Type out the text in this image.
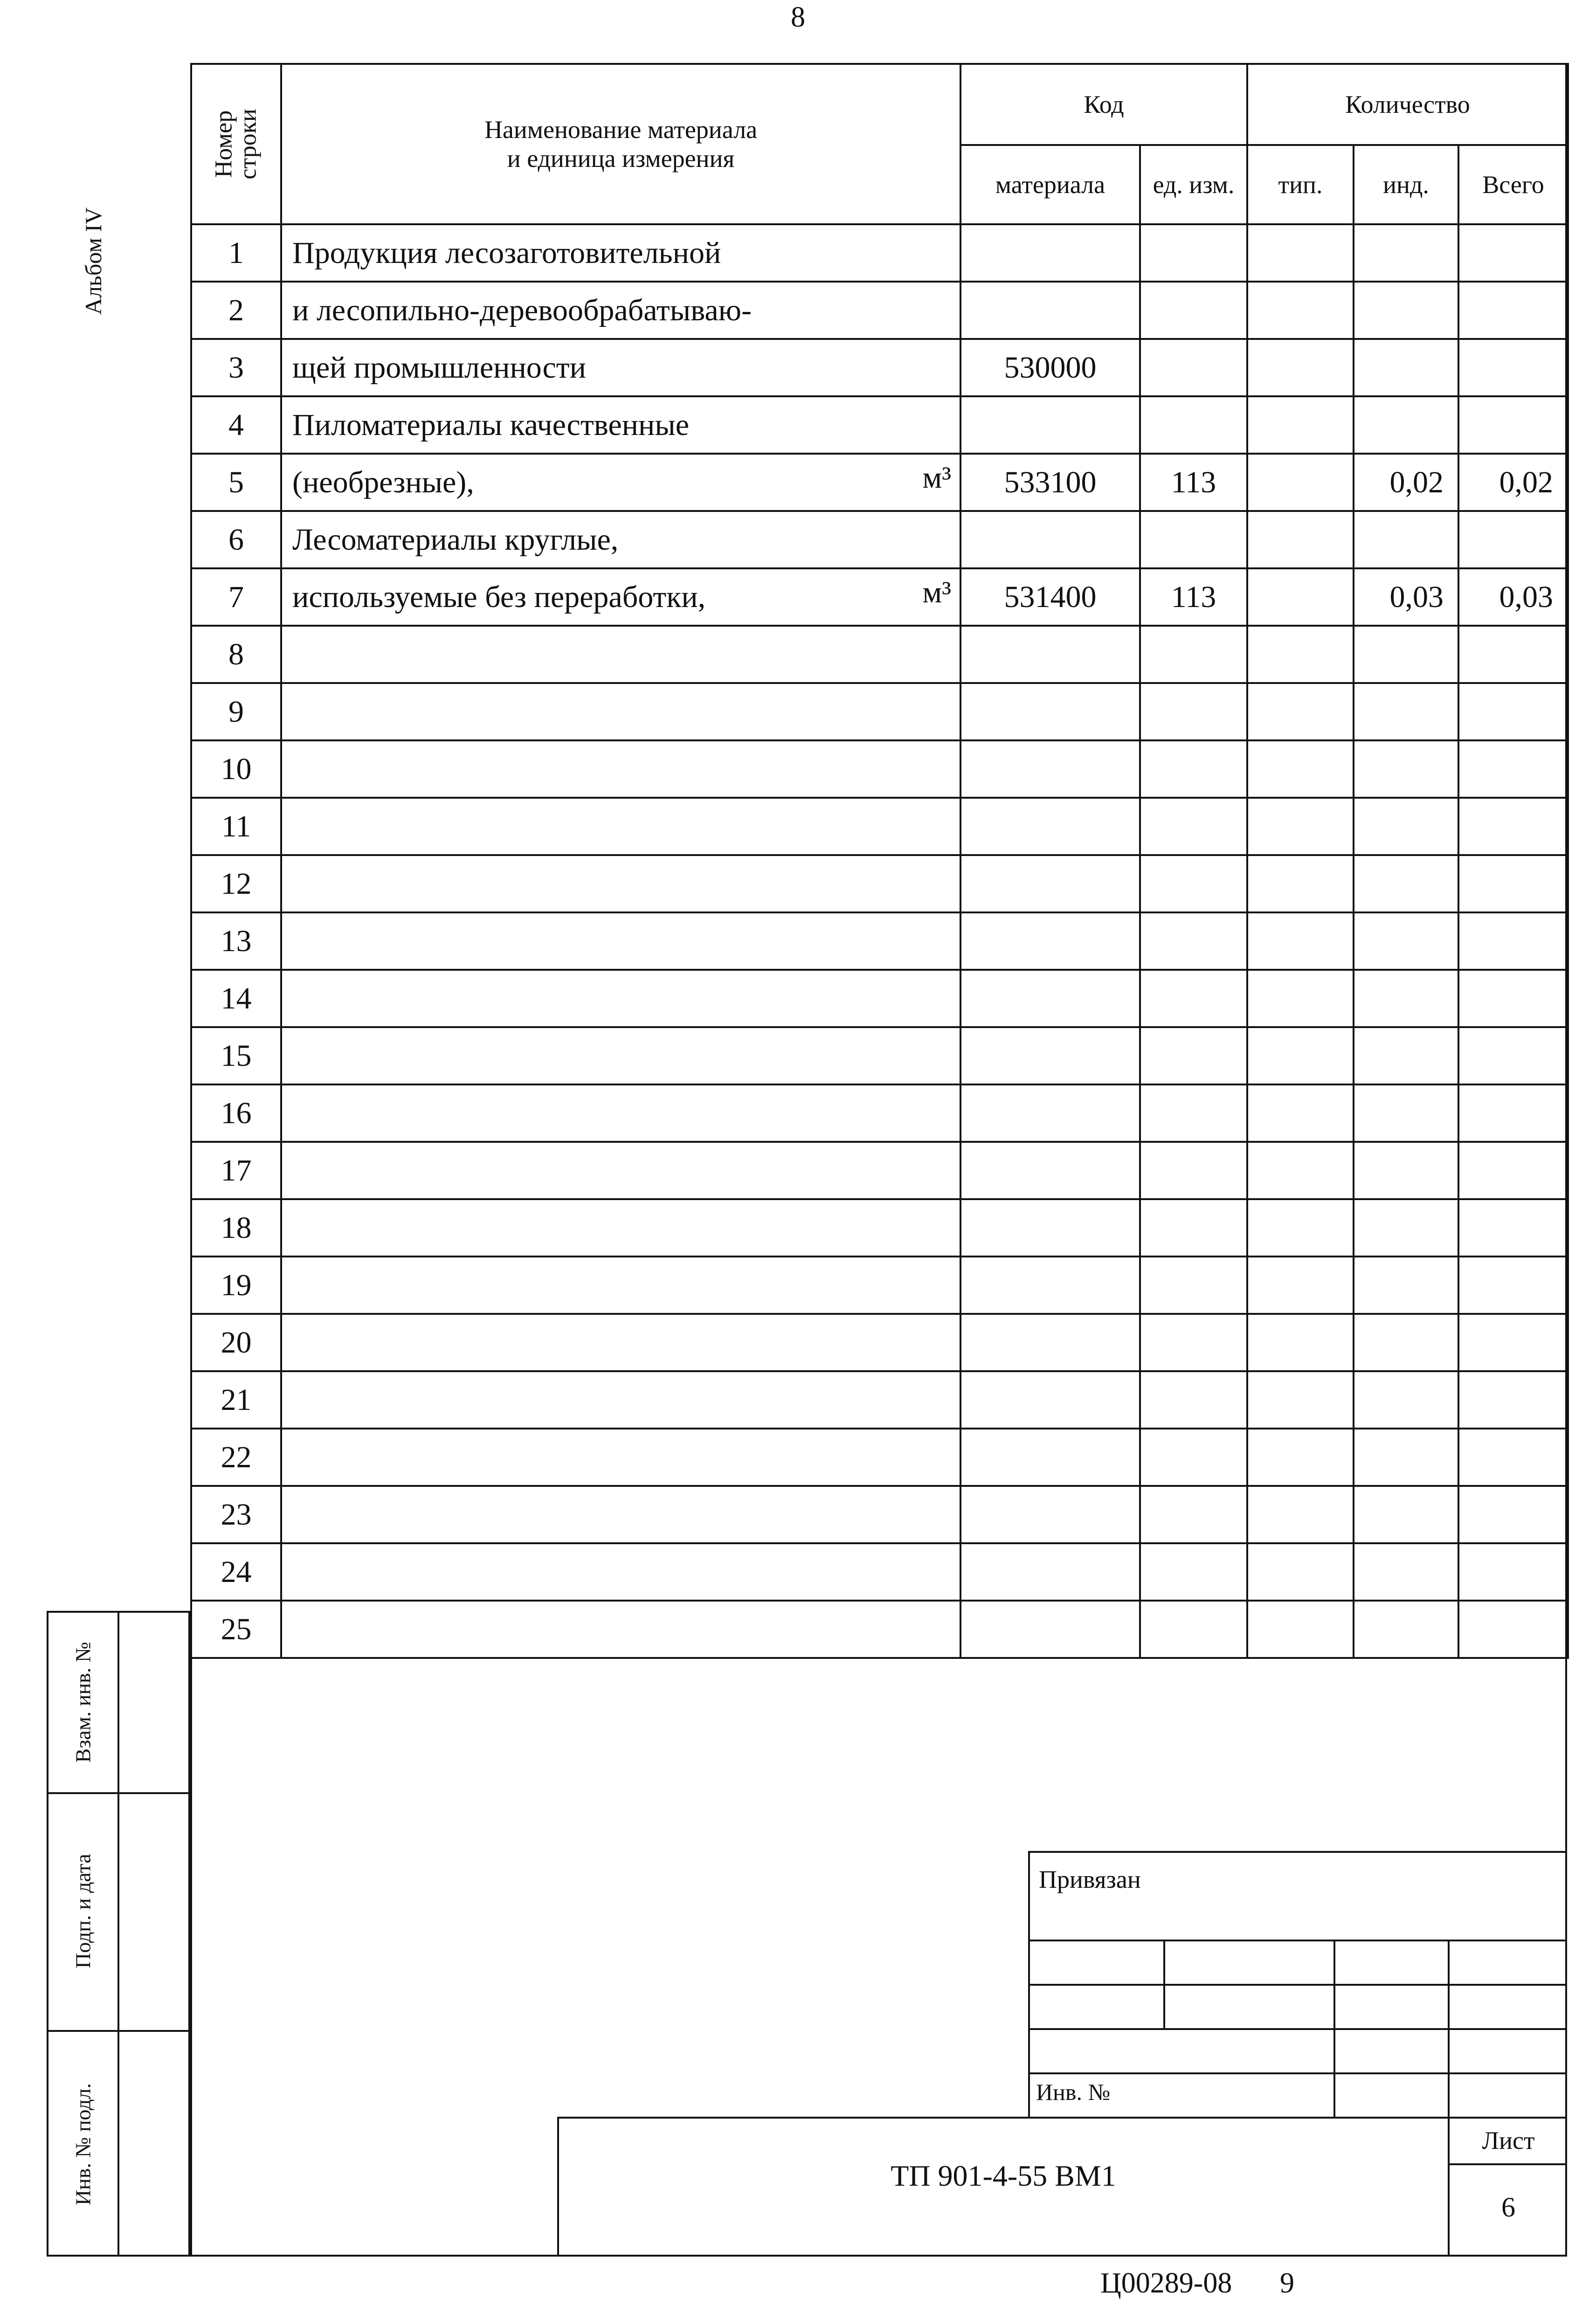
8
Альбом IV
Номер
строки	Наименование материала
и единица измерения	Код		Количество		
		материала	ед. изм.	тип.	инд.	Всего
1	Продукция лесозаготовительной

2	и лесопильно-деревообрабатываю-

3	щей промышленности	530000				
4	Пиломатериалы качественные

5	(необрезные), м³	533100	113		0,02	0,02
6	Лесоматериалы круглые,

7	используемые без переработки, м³	531400	113		0,03	0,03
8	

9	

10	

11	

12	

13	

14	

15	

16	

17	

18	

19	

20	

21	

22	

23	

24	

25	

Взам. инв. №
Подп. и дата
Инв. № подл.
Привязан
Инв. №
ТП 901-4-55 ВМ1
Лист
6
Ц00289-08 9
